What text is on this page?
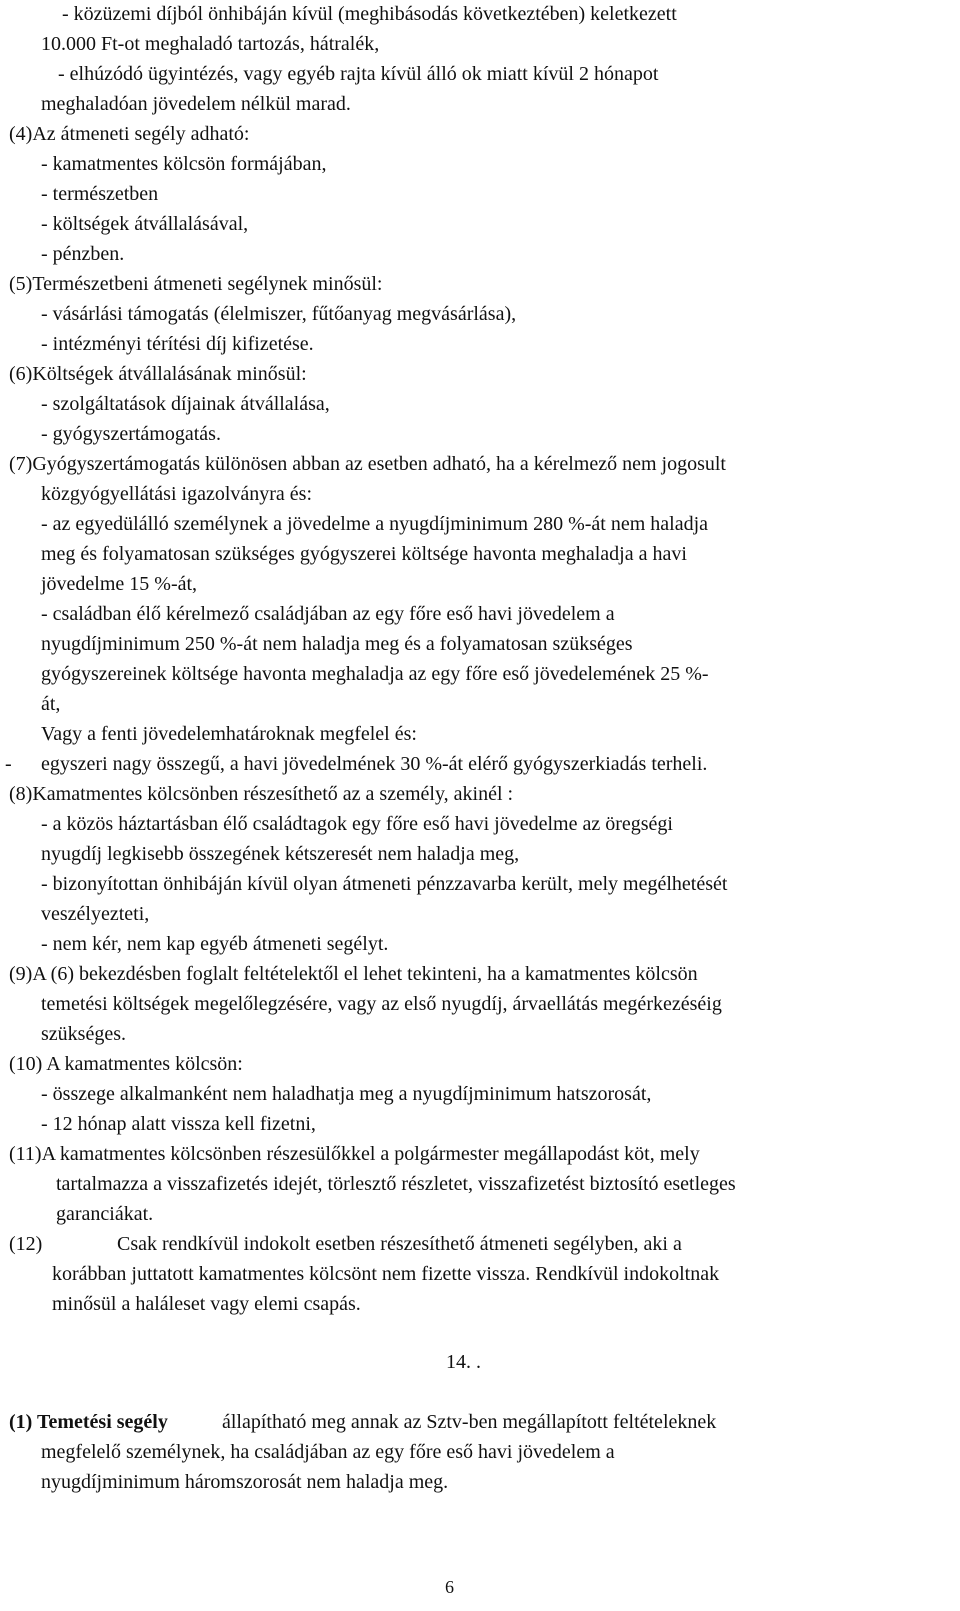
- közüzemi díjból önhibáján kívül (meghibásodás következtében) keletkezett
10.000 Ft-ot meghaladó tartozás, hátralék,
- elhúzódó ügyintézés, vagy egyéb rajta kívül álló ok miatt kívül 2 hónapot
meghaladóan jövedelem nélkül marad.
(4)Az átmeneti segély adható:
- kamatmentes kölcsön formájában,
- természetben
- költségek átvállalásával,
- pénzben.
(5)Természetbeni átmeneti segélynek minősül:
- vásárlási támogatás (élelmiszer, fűtőanyag megvásárlása),
- intézményi térítési díj kifizetése.
(6)Költségek átvállalásának minősül:
- szolgáltatások díjainak átvállalása,
- gyógyszertámogatás.
(7)Gyógyszertámogatás különösen abban az esetben adható, ha a kérelmező nem jogosult
közgyógyellátási igazolványra és:
- az egyedülálló személynek a jövedelme a nyugdíjminimum 280 %-át nem haladja
meg és folyamatosan szükséges gyógyszerei költsége havonta meghaladja a havi
jövedelme 15 %-át,
- családban élő kérelmező családjában az egy főre eső havi jövedelem a
nyugdíjminimum 250 %-át nem haladja meg és a folyamatosan szükséges
gyógyszereinek költsége havonta meghaladja az egy főre eső jövedelemének 25 %-
át,
Vagy a fenti jövedelemhatároknak megfelel és:
- egyszeri nagy összegű, a havi jövedelmének 30 %-át elérő gyógyszerkiadás terheli.
(8)Kamatmentes kölcsönben részesíthető az a személy, akinél :
- a közös háztartásban élő családtagok egy főre eső havi jövedelme az öregségi
nyugdíj legkisebb összegének kétszeresét nem haladja meg,
- bizonyítottan önhibáján kívül olyan átmeneti pénzzavarba került, mely megélhetését
veszélyezteti,
- nem kér, nem kap egyéb átmeneti segélyt.
(9)A (6) bekezdésben foglalt feltételektől el lehet tekinteni, ha a kamatmentes kölcsön
temetési költségek megelőlegzésére, vagy az első nyugdíj, árvaellátás megérkezéséig
szükséges.
(10) A kamatmentes kölcsön:
- összege alkalmanként nem haladhatja meg a nyugdíjminimum hatszorosát,
- 12 hónap alatt vissza kell fizetni,
(11)A kamatmentes kölcsönben részesülőkkel a polgármester megállapodást köt, mely
tartalmazza a visszafizetés idejét, törlesztő részletet, visszafizetést biztosító esetleges
garanciákat.
(12)	Csak rendkívül indokolt esetben részesíthető átmeneti segélyben, aki a
korábban juttatott kamatmentes kölcsönt nem fizette vissza. Rendkívül indokoltnak
minősül a haláleset vagy elemi csapás.
14. .
(1) Temetési segély	állapítható meg annak az Sztv-ben megállapított feltételeknek
megfelelő személynek, ha családjában az egy főre eső havi jövedelem a
nyugdíjminimum háromszorosát nem haladja meg.
6
